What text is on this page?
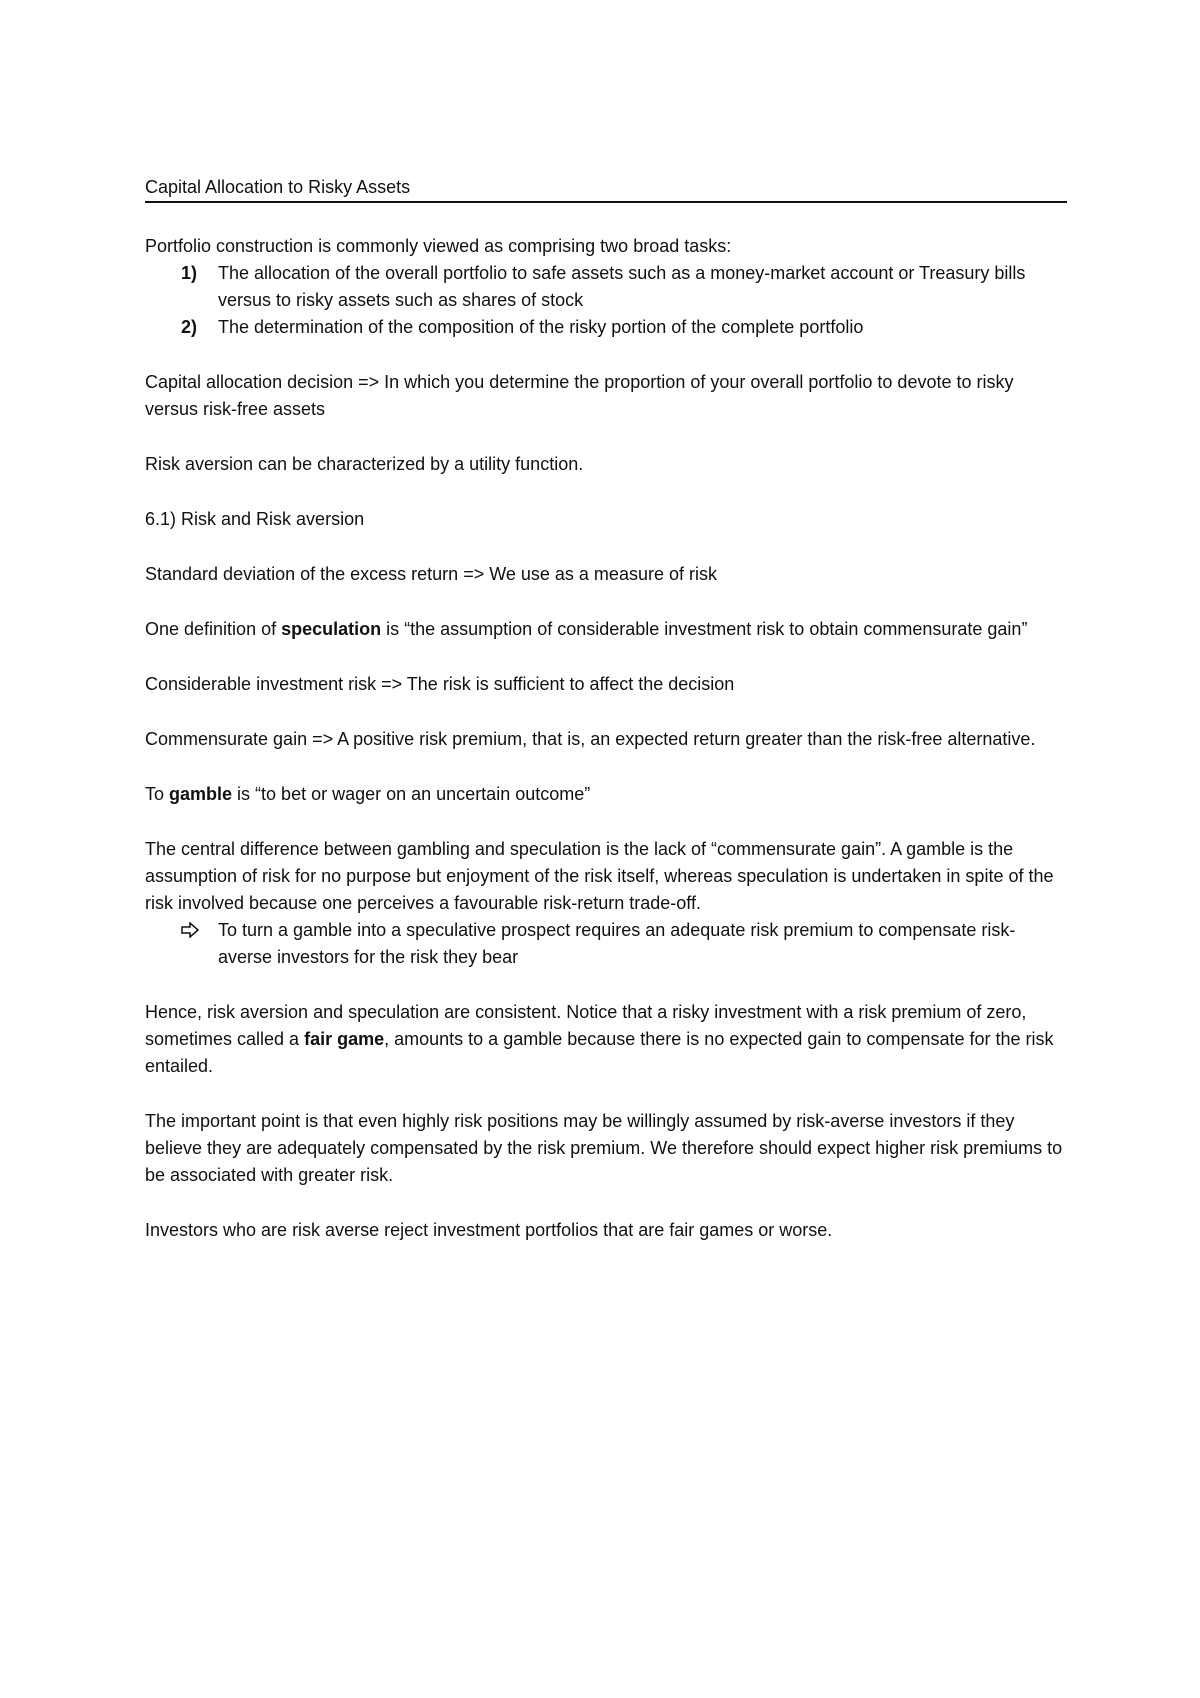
Capital Allocation to Risky Assets

Portfolio construction is commonly viewed as comprising two broad tasks:

1) The allocation of the overall portfolio to safe assets such as a money-market account or Treasury bills versus to risky assets such as shares of stock
2) The determination of the composition of the risky portion of the complete portfolio

Capital allocation decision => In which you determine the proportion of your overall portfolio to devote to risky versus risk-free assets

Risk aversion can be characterized by a utility function.

6.1) Risk and Risk aversion

Standard deviation of the excess return => We use as a measure of risk

One definition of speculation is “the assumption of considerable investment risk to obtain commensurate gain”

Considerable investment risk => The risk is sufficient to affect the decision

Commensurate gain => A positive risk premium, that is, an expected return greater than the risk-free alternative.

To gamble is “to bet or wager on an uncertain outcome”

The central difference between gambling and speculation is the lack of “commensurate gain”. A gamble is the assumption of risk for no purpose but enjoyment of the risk itself, whereas speculation is undertaken in spite of the risk involved because one perceives a favourable risk-return trade-off.

To turn a gamble into a speculative prospect requires an adequate risk premium to compensate risk-averse investors for the risk they bear

Hence, risk aversion and speculation are consistent. Notice that a risky investment with a risk premium of zero, sometimes called a fair game, amounts to a gamble because there is no expected gain to compensate for the risk entailed.

The important point is that even highly risk positions may be willingly assumed by risk-averse investors if they believe they are adequately compensated by the risk premium. We therefore should expect higher risk premiums to be associated with greater risk.

Investors who are risk averse reject investment portfolios that are fair games or worse.
